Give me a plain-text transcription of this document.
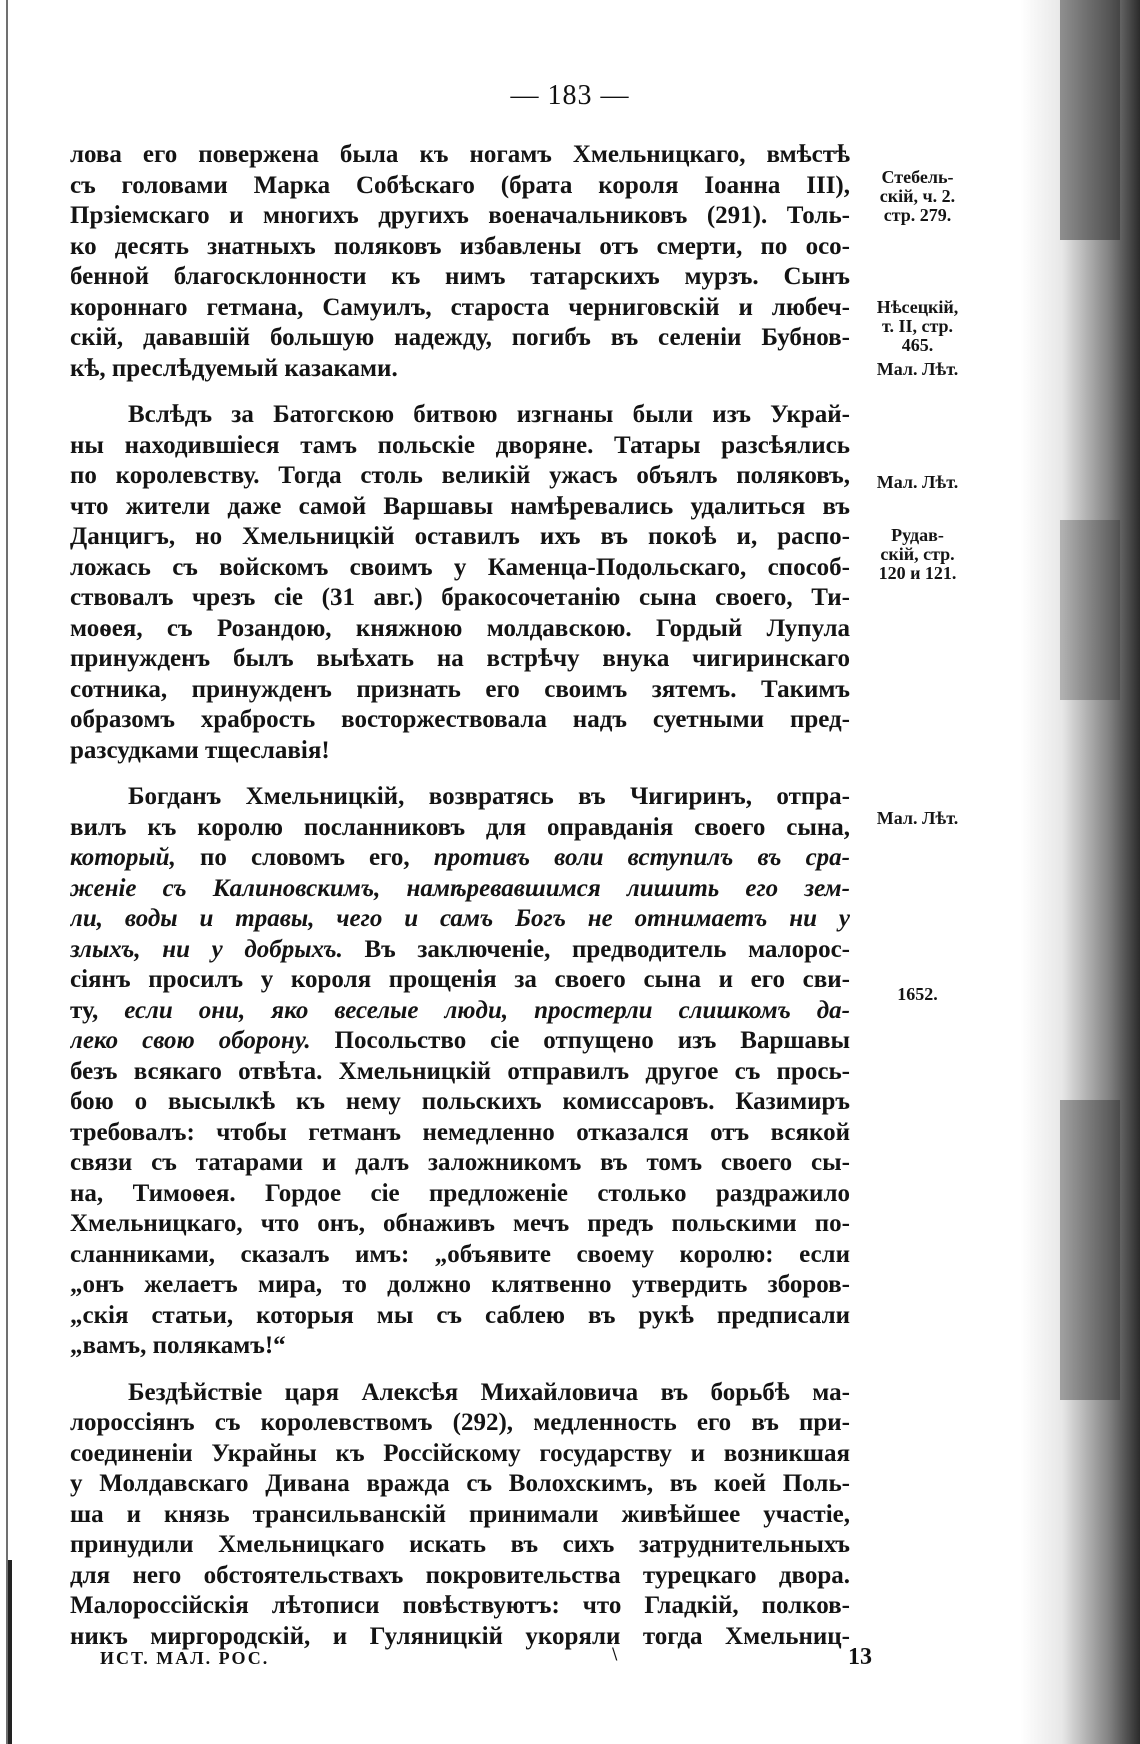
— 183 —
лова его повержена была къ ногамъ Хмельницкаго, вмѣстѣ
съ головами Марка Собѣскаго (брата короля Іоанна III),
Прзіемскаго и многихъ другихъ военачальниковъ (291). Толь-
ко десять знатныхъ поляковъ избавлены отъ смерти, по осо-
бенной благосклонности къ нимъ татарскихъ мурзъ. Сынъ
короннаго гетмана, Самуилъ, староста черниговскій и любеч-
скій, дававшій большую надежду, погибъ въ селеніи Бубнов-
кѣ, преслѣдуемый казаками.
Вслѣдъ за Батогскою битвою изгнаны были изъ Украй-
ны находившіеся тамъ польскіе дворяне. Татары разсѣялись
по королевству. Тогда столь великій ужасъ объялъ поляковъ,
что жители даже самой Варшавы намѣревались удалиться въ
Данцигъ, но Хмельницкій оставилъ ихъ въ покоѣ и, распо-
ложась съ войскомъ своимъ у Каменца-Подольскаго, способ-
ствовалъ чрезъ сіе (31 авг.) бракосочетанію сына своего, Ти-
моѳея, съ Розандою, княжною молдавскою. Гордый Лупула
принужденъ былъ выѣхать на встрѣчу внука чигиринскаго
сотника, принужденъ признать его своимъ зятемъ. Такимъ
образомъ храбрость восторжествовала надъ суетными пред-
разсудками тщеславія!
Богданъ Хмельницкій, возвратясь въ Чигиринъ, отпра-
вилъ къ королю посланниковъ для оправданія своего сына,
который, по словомъ его, противъ воли вступилъ въ сра-
женіе съ Калиновскимъ, намѣревавшимся лишить его зем-
ли, воды и травы, чего и самъ Богъ не отнимаетъ ни у
злыхъ, ни у добрыхъ. Въ заключеніе, предводитель малорос-
сіянъ просилъ у короля прощенія за своего сына и его сви-
ту, если они, яко веселые люди, простерли слишкомъ да-
леко свою оборону. Посольство сіе отпущено изъ Варшавы
безъ всякаго отвѣта. Хмельницкій отправилъ другое съ прось-
бою о высылкѣ къ нему польскихъ комиссаровъ. Казимиръ
требовалъ: чтобы гетманъ немедленно отказался отъ всякой
связи съ татарами и далъ заложникомъ въ томъ своего сы-
на, Тимоѳея. Гордое сіе предложеніе столько раздражило
Хмельницкаго, что онъ, обнаживъ мечъ предъ польскими по-
сланниками, сказалъ имъ: „объявите своему королю: если
„онъ желаетъ мира, то должно клятвенно утвердить зборов-
„скія статьи, которыя мы съ саблею въ рукѣ предписали
„вамъ, полякамъ!“
Бездѣйствіе царя Алексѣя Михайловича въ борьбѣ ма-
лороссіянъ съ королевствомъ (292), медленность его въ при-
соединеніи Украйны къ Россійскому государству и возникшая
у Молдавскаго Дивана вражда съ Волохскимъ, въ коей Поль-
ша и князь трансильванскій принимали живѣйшее участіе,
принудили Хмельницкаго искать въ сихъ затруднительныхъ
для него обстоятельствахъ покровительства турецкаго двора.
Малороссійскія лѣтописи повѣствуютъ: что Гладкій, полков-
никъ миргородскій, и Гуляницкій укоряли тогда Хмельниц-
Стебель-
скій, ч. 2.
стр. 279.
Нѣсецкій,
т. II, стр.
465.
Мал. Лѣт.
Мал. Лѣт.
Рудав-
скій, стр.
120 и 121.
Мал. Лѣт.
1652.
ИСТ. МАЛ. РОС.	\	13
